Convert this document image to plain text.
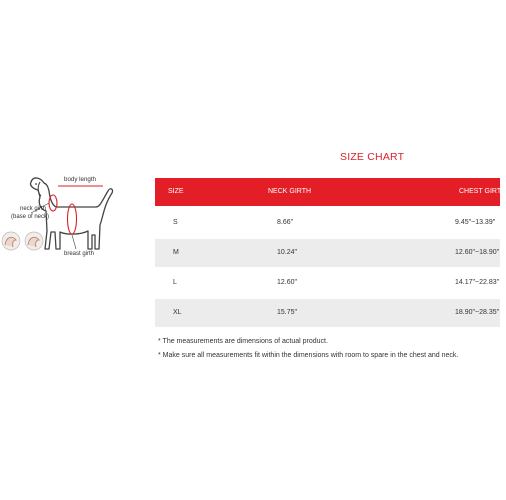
body length
neck girth
(base of neck)
breast girth
SIZE CHART
SIZE	NECK GIRTH	CHEST GIRTH
S	8.66"	9.45"~13.39"
M	10.24"	12.60"~18.90"
L	12.60"	14.17"~22.83"
XL	15.75"	18.90"~28.35"
* The measurements are dimensions of actual product.
* Make sure all measurements fit within the dimensions with room to spare in the chest and neck.
